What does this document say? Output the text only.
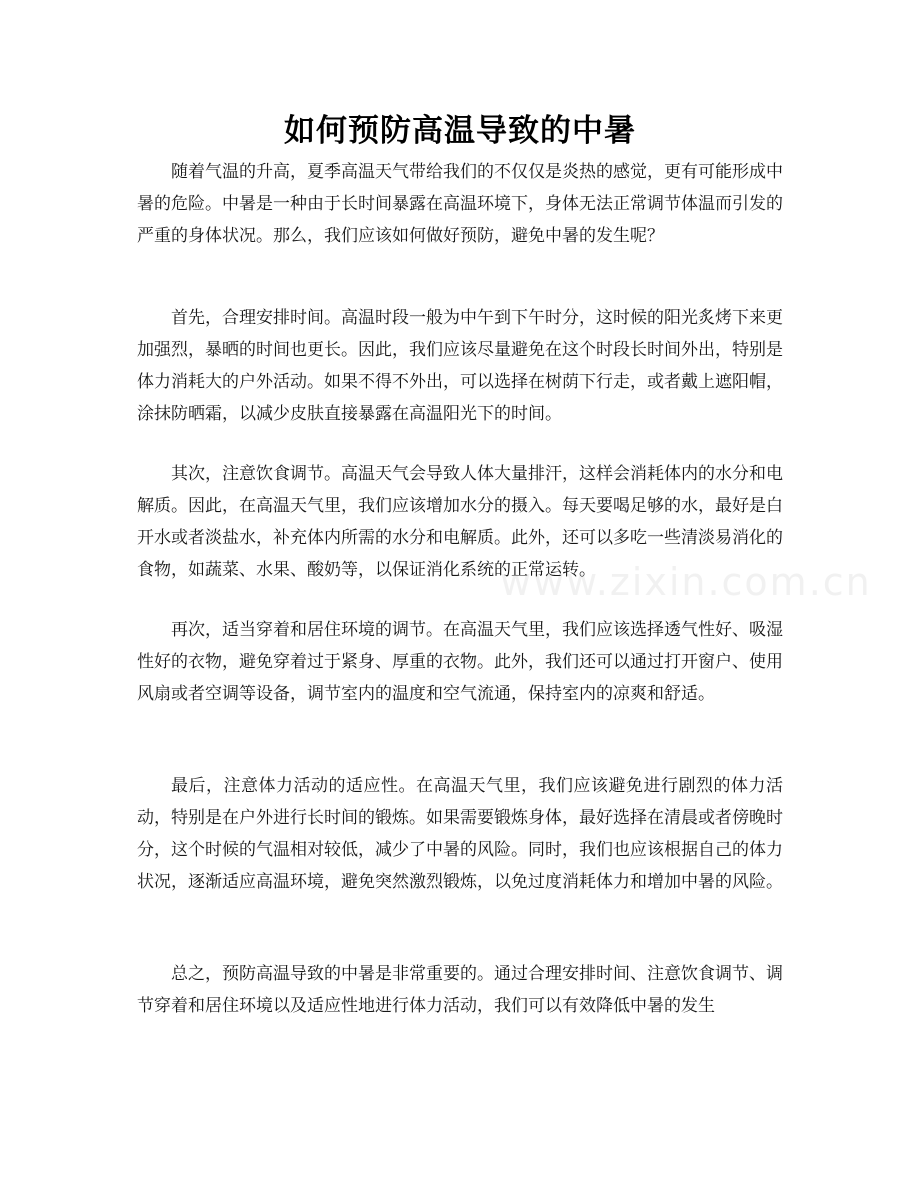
如何预防高温导致的中暑

随着气温的升高，夏季高温天气带给我们的不仅仅是炎热的感觉，更有可能形成中暑的危险。中暑是一种由于长时间暴露在高温环境下，身体无法正常调节体温而引发的严重的身体状况。那么，我们应该如何做好预防，避免中暑的发生呢？

首先，合理安排时间。高温时段一般为中午到下午时分，这时候的阳光炙烤下来更加强烈，暴晒的时间也更长。因此，我们应该尽量避免在这个时段长时间外出，特别是体力消耗大的户外活动。如果不得不外出，可以选择在树荫下行走，或者戴上遮阳帽，涂抹防晒霜，以减少皮肤直接暴露在高温阳光下的时间。

其次，注意饮食调节。高温天气会导致人体大量排汗，这样会消耗体内的水分和电解质。因此，在高温天气里，我们应该增加水分的摄入。每天要喝足够的水，最好是白开水或者淡盐水，补充体内所需的水分和电解质。此外，还可以多吃一些清淡易消化的食物，如蔬菜、水果、酸奶等，以保证消化系统的正常运转。

再次，适当穿着和居住环境的调节。在高温天气里，我们应该选择透气性好、吸湿性好的衣物，避免穿着过于紧身、厚重的衣物。此外，我们还可以通过打开窗户、使用风扇或者空调等设备，调节室内的温度和空气流通，保持室内的凉爽和舒适。

最后，注意体力活动的适应性。在高温天气里，我们应该避免进行剧烈的体力活动，特别是在户外进行长时间的锻炼。如果需要锻炼身体，最好选择在清晨或者傍晚时分，这个时候的气温相对较低，减少了中暑的风险。同时，我们也应该根据自己的体力状况，逐渐适应高温环境，避免突然激烈锻炼，以免过度消耗体力和增加中暑的风险。

总之，预防高温导致的中暑是非常重要的。通过合理安排时间、注意饮食调节、调节穿着和居住环境以及适应性地进行体力活动，我们可以有效降低中暑的发生

www.zixin.com.cn
